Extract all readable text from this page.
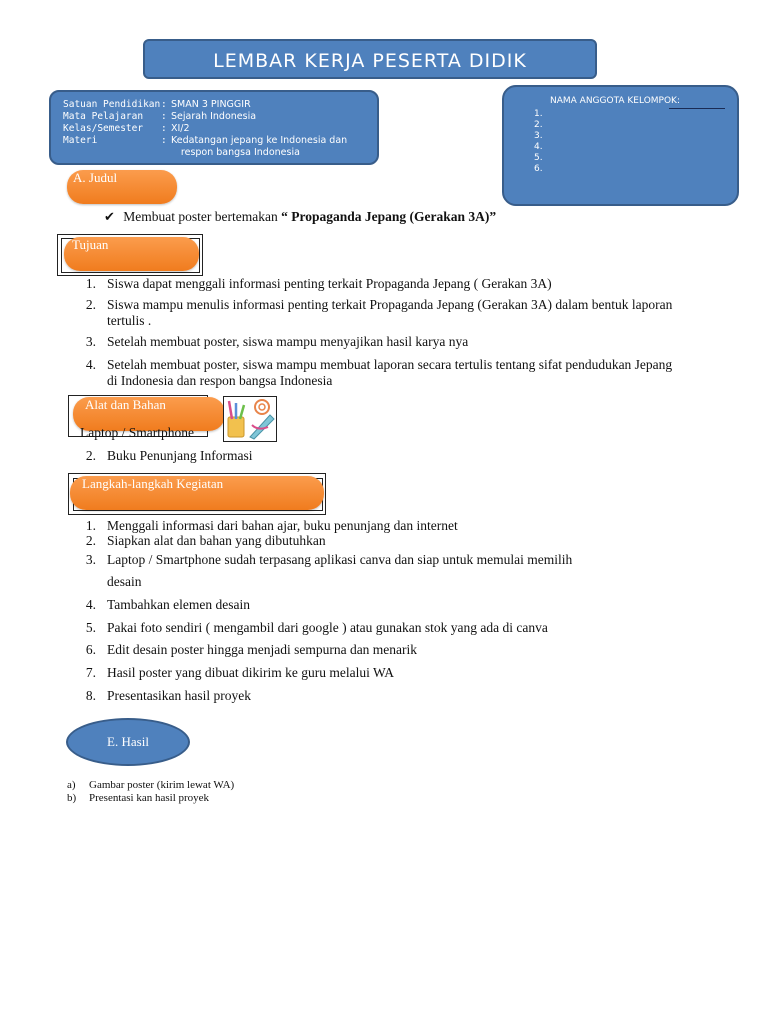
LEMBAR KERJA PESERTA DIDIK
Satuan Pendidikan : SMAN 3 PINGGIR
Mata Pelajaran	: Sejarah Indonesia
Kelas/Semester	: XI/2
Materi	: Kedatangan jepang ke Indonesia dan
respon bangsa Indonesia
NAMA ANGGOTA KELOMPOK:
1.
2.
3.
4.
5.
6.
A. Judul
✔ Membuat poster bertemakan “ Propaganda Jepang (Gerakan 3A)”
Tujuan
1. Siswa dapat menggali informasi penting terkait Propaganda Jepang ( Gerakan 3A)
2. Siswa mampu menulis informasi penting terkait Propaganda Jepang (Gerakan 3A) dalam bentuk laporan
tertulis .
3. Setelah membuat poster, siswa mampu menyajikan hasil karya nya
4. Setelah membuat poster, siswa mampu membuat laporan secara tertulis tentang sifat pendudukan Jepang
di Indonesia dan respon bangsa Indonesia
Alat dan Bahan
Laptop / Smartphone
2. Buku Penunjang Informasi
Langkah-langkah Kegiatan
1. Menggali informasi dari bahan ajar, buku penunjang dan internet
2. Siapkan alat dan bahan yang dibutuhkan
3. Laptop / Smartphone sudah terpasang aplikasi canva dan siap untuk memulai memilih
desain
4. Tambahkan elemen desain
5. Pakai foto sendiri ( mengambil dari google ) atau gunakan stok yang ada di canva
6. Edit desain poster hingga menjadi sempurna dan menarik
7. Hasil poster yang dibuat dikirim ke guru melalui WA
8. Presentasikan hasil proyek
E. Hasil
a) Gambar poster (kirim lewat WA)
b) Presentasi kan hasil proyek
